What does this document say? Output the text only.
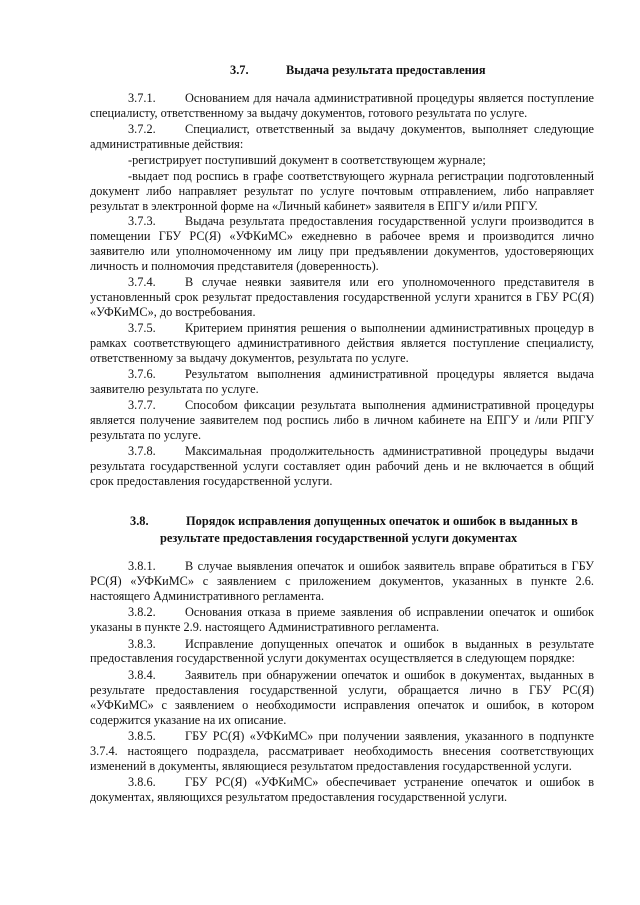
3.7.	Выдача результата предоставления

3.7.1. Основанием для начала административной процедуры является поступление специалисту, ответственному за выдачу документов, готового результата по услуге.

3.7.2. Специалист, ответственный за выдачу документов, выполняет следующие административные действия:

-регистрирует поступивший документ в соответствующем журнале;

-выдает под роспись в графе соответствующего журнала регистрации подготовленный документ либо направляет результат по услуге почтовым отправлением, либо направляет результат в электронной форме на «Личный кабинет» заявителя в ЕПГУ и/или РПГУ.

3.7.3. Выдача результата предоставления государственной услуги производится в помещении ГБУ РС(Я) «УФКиМС» ежедневно в рабочее время и производится лично заявителю или уполномоченному им лицу при предъявлении документов, удостоверяющих личность и полномочия представителя (доверенность).

3.7.4. В случае неявки заявителя или его уполномоченного представителя в установленный срок результат предоставления государственной услуги хранится в ГБУ РС(Я) «УФКиМС», до востребования.

3.7.5. Критерием принятия решения о выполнении административных процедур в рамках соответствующего административного действия является поступление специалисту, ответственному за выдачу документов, результата по услуге.

3.7.6. Результатом выполнения административной процедуры является выдача заявителю результата по услуге.

3.7.7. Способом фиксации результата выполнения административной процедуры является получение заявителем под роспись либо в личном кабинете на ЕПГУ и /или РПГУ результата по услуге.

3.7.8. Максимальная продолжительность административной процедуры выдачи результата государственной услуги составляет один рабочий день и не включается в общий срок предоставления государственной услуги.

3.8.	Порядок исправления допущенных опечаток и ошибок в выданных в
результате предоставления государственной услуги документах

3.8.1. В случае выявления опечаток и ошибок заявитель вправе обратиться в ГБУ РС(Я) «УФКиМС» с заявлением с приложением документов, указанных в пункте 2.6. настоящего Административного регламента.

3.8.2. Основания отказа в приеме заявления об исправлении опечаток и ошибок указаны в пункте 2.9. настоящего Административного регламента.

3.8.3. Исправление допущенных опечаток и ошибок в выданных в результате предоставления государственной услуги документах осуществляется в следующем порядке:

3.8.4. Заявитель при обнаружении опечаток и ошибок в документах, выданных в результате предоставления государственной услуги, обращается лично в ГБУ РС(Я) «УФКиМС» с заявлением о необходимости исправления опечаток и ошибок, в котором содержится указание на их описание.

3.8.5. ГБУ РС(Я) «УФКиМС» при получении заявления, указанного в подпункте 3.7.4. настоящего подраздела, рассматривает необходимость внесения соответствующих изменений в документы, являющиеся результатом предоставления государственной услуги.

3.8.6. ГБУ РС(Я) «УФКиМС» обеспечивает устранение опечаток и ошибок в документах, являющихся результатом предоставления государственной услуги.
